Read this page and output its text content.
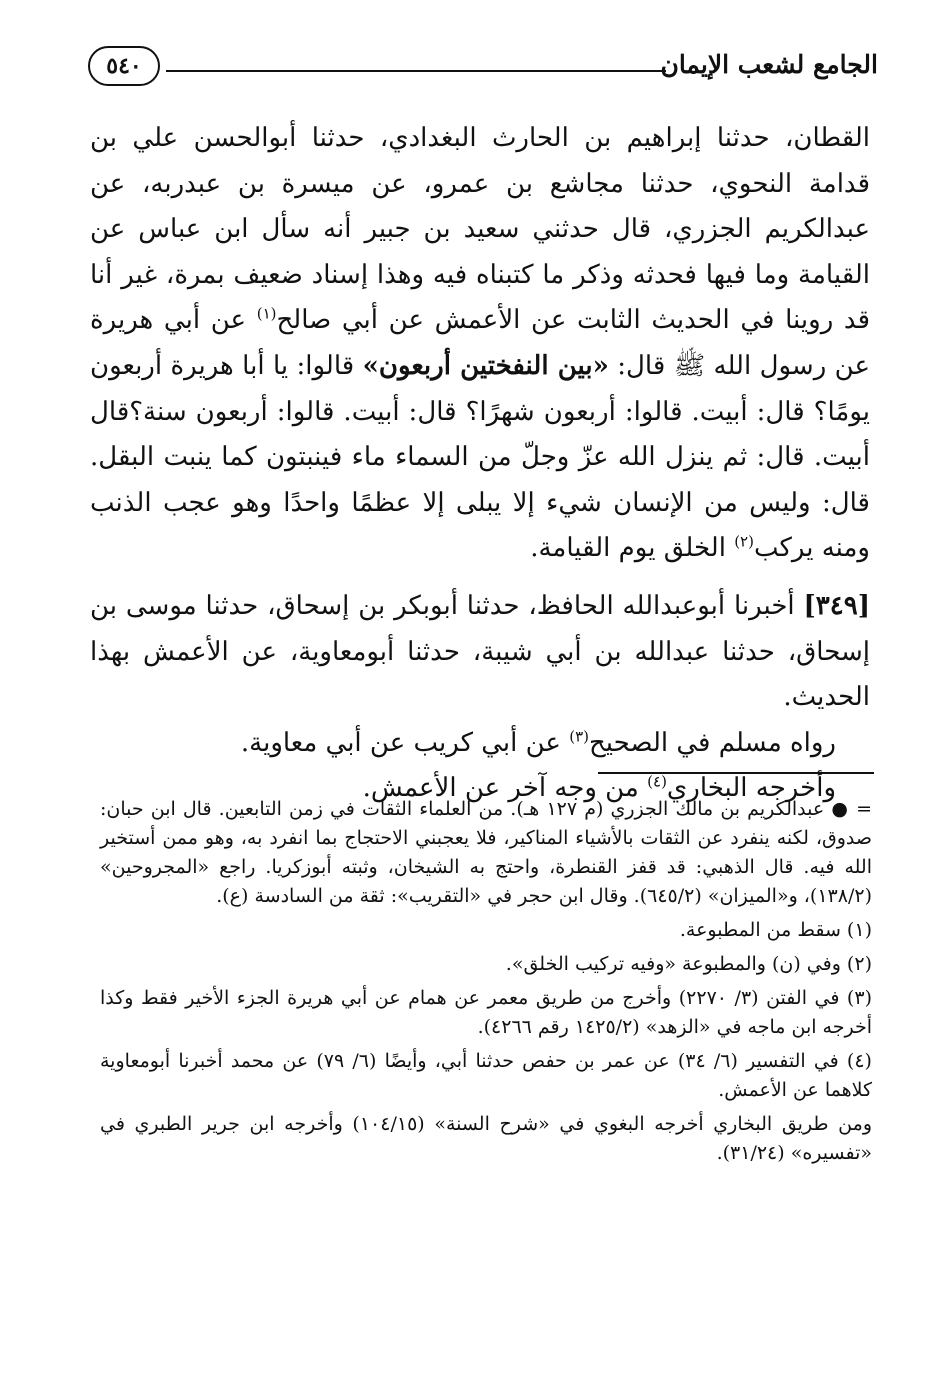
الجامع لشعب الإيمان
٥٤٠

القطان، حدثنا إبراهيم بن الحارث البغدادي، حدثنا أبوالحسن علي بن قدامة النحوي، حدثنا مجاشع بن عمرو، عن ميسرة بن عبدربه، عن عبدالكريم الجزري، قال حدثني سعيد بن جبير أنه سأل ابن عباس عن القيامة وما فيها فحدثه وذكر ما كتبناه فيه وهذا إسناد ضعيف بمرة، غير أنا قد روينا في الحديث الثابت عن الأعمش عن أبي صالح$^{(١)}$ عن أبي هريرة عن رسول الله ﷺ قال: «بين النفختين أربعون» قالوا: يا أبا هريرة أربعون يومًا؟ قال: أبيت. قالوا: أربعون شهرًا؟ قال: أبيت. قالوا: أربعون سنة؟قال أبيت. قال: ثم ينزل الله عزّ وجلّ من السماء ماء فينبتون كما ينبت البقل. قال: وليس من الإنسان شيء إلا يبلى إلا عظمًا واحدًا وهو عجب الذنب ومنه يركب$^{(٢)}$ الخلق يوم القيامة.

[٣٤٩] أخبرنا أبوعبدالله الحافظ، حدثنا أبوبكر بن إسحاق، حدثنا موسى بن إسحاق، حدثنا عبدالله بن أبي شيبة، حدثنا أبومعاوية، عن الأعمش بهذا الحديث.

رواه مسلم في الصحيح$^{(٣)}$ عن أبي كريب عن أبي معاوية.

وأخرجه البخاري$^{(٤)}$ من وجه آخر عن الأعمش.

= ● عبدالكريم بن مالك الجزري (م ١٢٧ هـ). من العلماء الثقات في زمن التابعين. قال ابن حبان: صدوق، لكنه ينفرد عن الثقات بالأشياء المناكير، فلا يعجبني الاحتجاج بما انفرد به، وهو ممن أستخير الله فيه. قال الذهبي: قد قفز القنطرة، واحتج به الشيخان، وثبته أبوزكريا. راجع «المجروحين» (١٣٨/٢)، و«الميزان» (٦٤٥/٢). وقال ابن حجر في «التقريب»: ثقة من السادسة (ع).

(١) سقط من المطبوعة.

(٢) وفي (ن) والمطبوعة «وفيه تركيب الخلق».

(٣) في الفتن (٣/ ٢٢٧٠) وأخرج من طريق معمر عن همام عن أبي هريرة الجزء الأخير فقط وكذا أخرجه ابن ماجه في «الزهد» (١٤٢٥/٢ رقم ٤٢٦٦).

(٤) في التفسير (٦/ ٣٤) عن عمر بن حفص حدثنا أبي، وأيضًا (٦/ ٧٩) عن محمد أخبرنا أبومعاوية كلاهما عن الأعمش.

ومن طريق البخاري أخرجه البغوي في «شرح السنة» (١٠٤/١٥) وأخرجه ابن جرير الطبري في «تفسيره» (٣١/٢٤).
